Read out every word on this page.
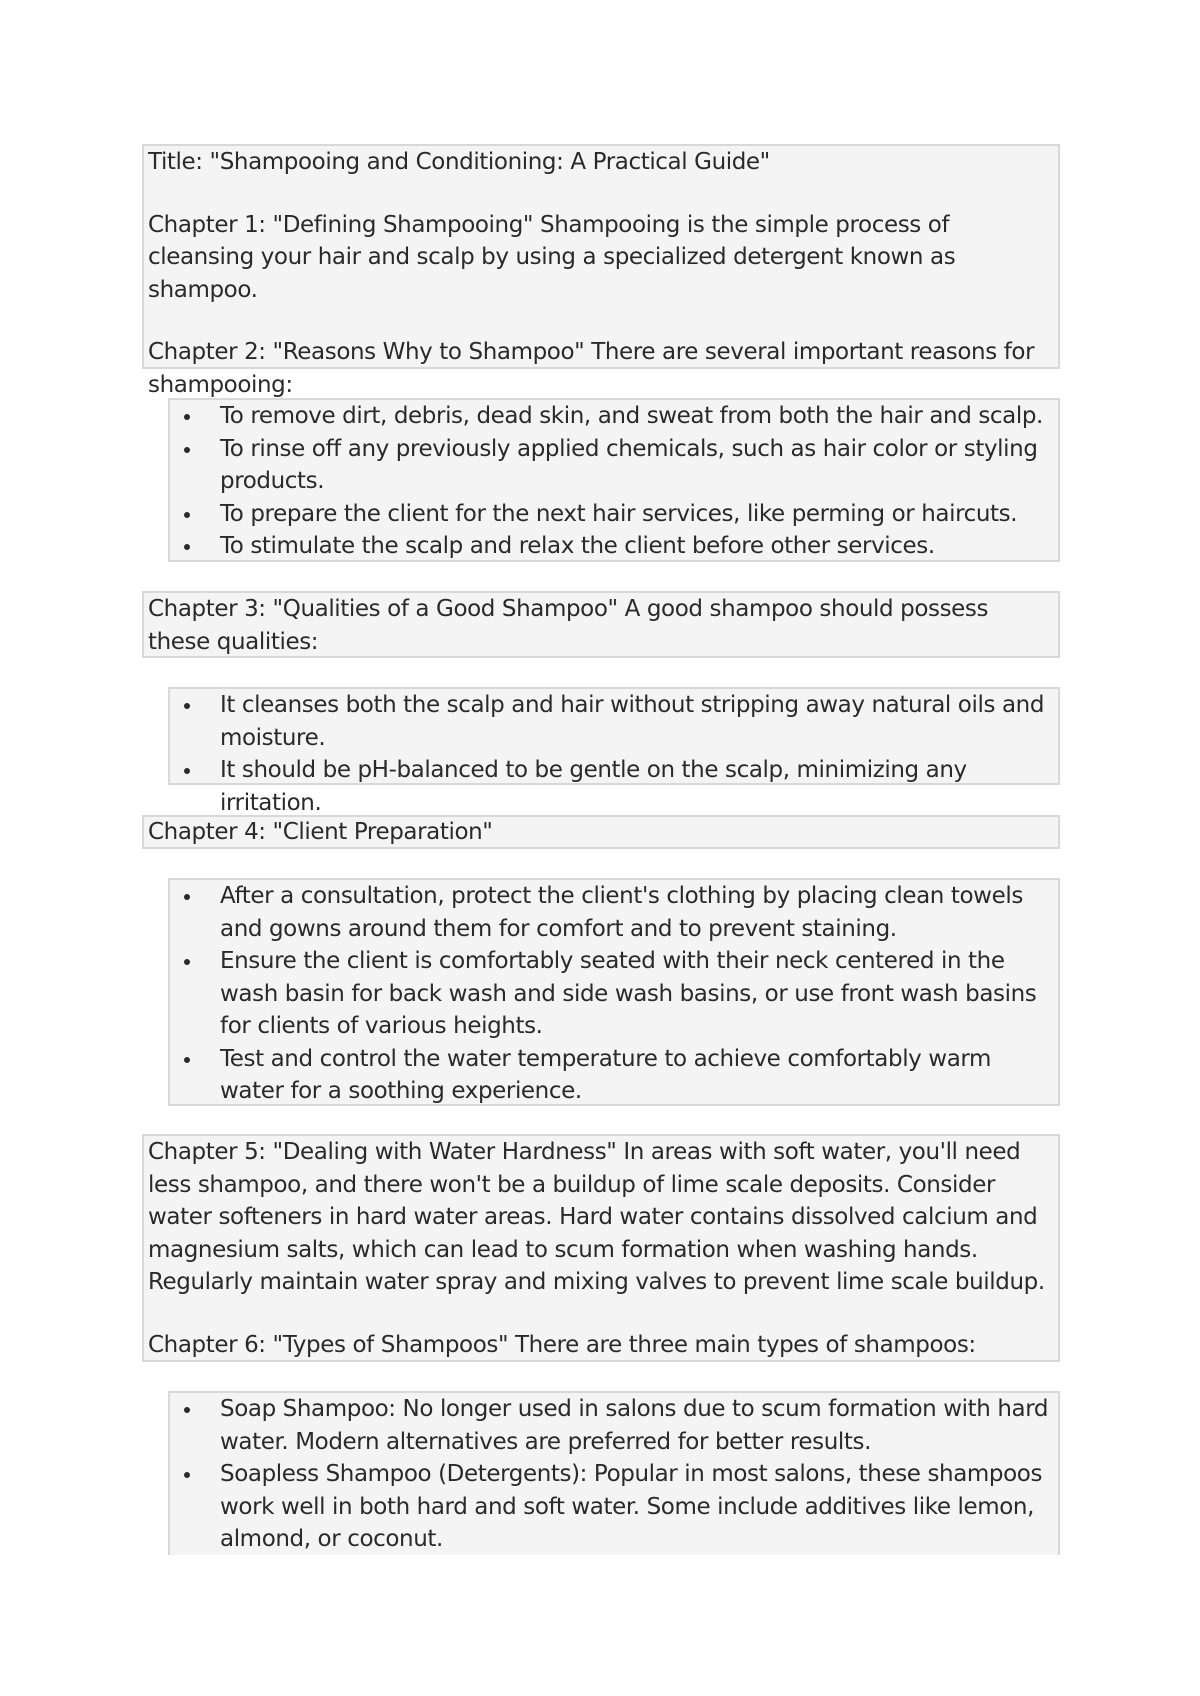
Title: "Shampooing and Conditioning: A Practical Guide"

Chapter 1: "Defining Shampooing" Shampooing is the simple process of cleansing your hair and scalp by using a specialized detergent known as shampoo.

Chapter 2: "Reasons Why to Shampoo" There are several important reasons for shampooing:

To remove dirt, debris, dead skin, and sweat from both the hair and scalp.
To rinse off any previously applied chemicals, such as hair color or styling products.
To prepare the client for the next hair services, like perming or haircuts.
To stimulate the scalp and relax the client before other services.

Chapter 3: "Qualities of a Good Shampoo" A good shampoo should possess these qualities:

It cleanses both the scalp and hair without stripping away natural oils and moisture.
It should be pH-balanced to be gentle on the scalp, minimizing any irritation.

Chapter 4: "Client Preparation"

After a consultation, protect the client's clothing by placing clean towels and gowns around them for comfort and to prevent staining.
Ensure the client is comfortably seated with their neck centered in the wash basin for back wash and side wash basins, or use front wash basins for clients of various heights.
Test and control the water temperature to achieve comfortably warm water for a soothing experience.

Chapter 5: "Dealing with Water Hardness" In areas with soft water, you'll need less shampoo, and there won't be a buildup of lime scale deposits. Consider water softeners in hard water areas. Hard water contains dissolved calcium and magnesium salts, which can lead to scum formation when washing hands. Regularly maintain water spray and mixing valves to prevent lime scale buildup.

Chapter 6: "Types of Shampoos" There are three main types of shampoos:

Soap Shampoo: No longer used in salons due to scum formation with hard water. Modern alternatives are preferred for better results.
Soapless Shampoo (Detergents): Popular in most salons, these shampoos work well in both hard and soft water. Some include additives like lemon, almond, or coconut.
